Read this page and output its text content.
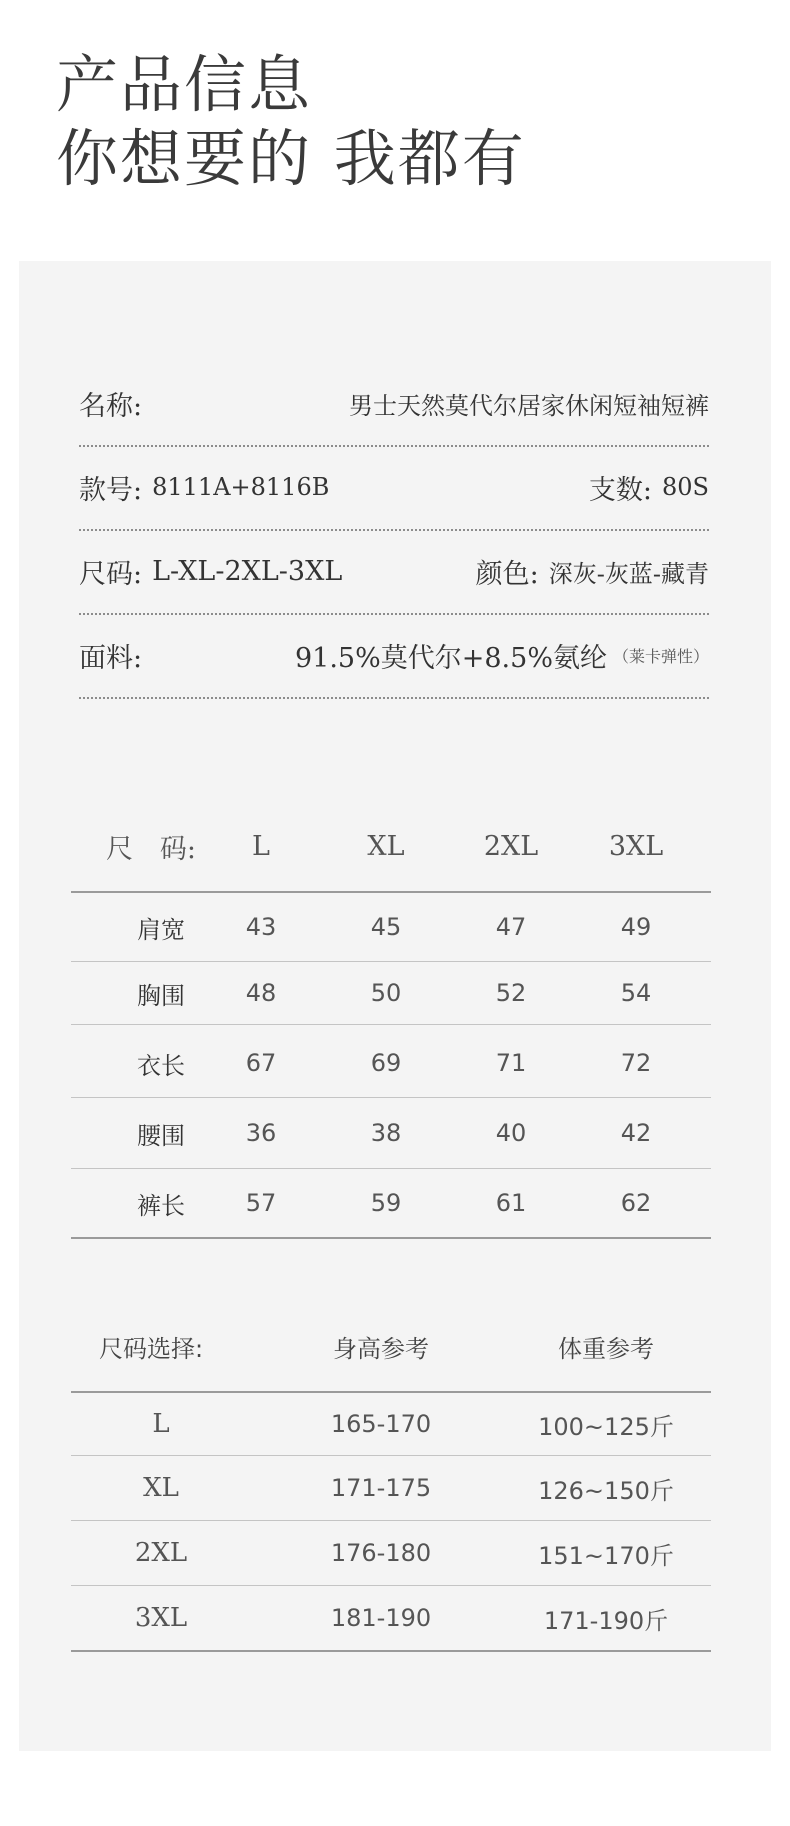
产品信息
你想要的 我都有
名称:	男士天然莫代尔居家休闲短袖短裤
款号: 8111A+8116B	支数: 80S
尺码: L-XL-2XL-3XL	颜色: 深灰-灰蓝-藏青
面料:	91.5%莫代尔+8.5%氨纶 （莱卡弹性）
尺　码:	L	XL	2XL	3XL
肩宽	43	45	47	49
胸围	48	50	52	54
衣长	67	69	71	72
腰围	36	38	40	42
裤长	57	59	61	62
尺码选择:	身高参考	体重参考
L	165-170	100~125斤
XL	171-175	126~150斤
2XL	176-180	151~170斤
3XL	181-190	171-190斤
